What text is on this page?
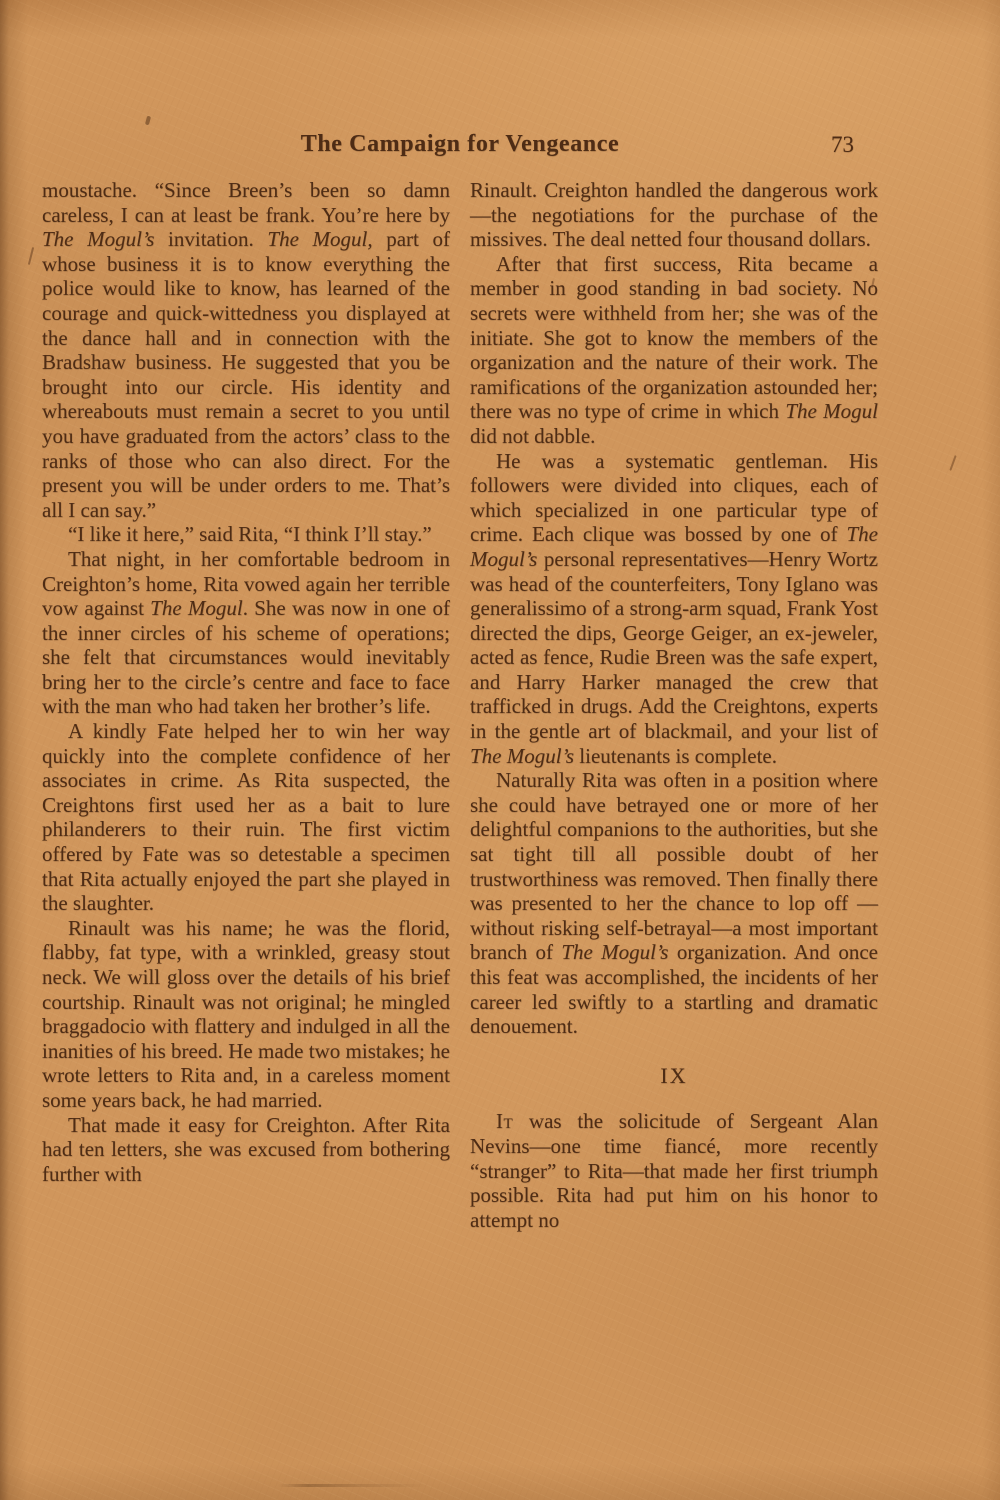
The Campaign for Vengeance	73

moustache. “Since Breen’s been so damn careless, I can at least be frank. You’re here by The Mogul’s invitation. The Mogul, part of whose business it is to know everything the police would like to know, has learned of the courage and quick-wittedness you displayed at the dance hall and in connection with the Bradshaw business. He suggested that you be brought into our circle. His identity and whereabouts must remain a secret to you until you have graduated from the actors’ class to the ranks of those who can also direct. For the present you will be under orders to me. That’s all I can say.”

“I like it here,” said Rita, “I think I’ll stay.”

That night, in her comfortable bedroom in Creighton’s home, Rita vowed again her terrible vow against The Mogul. She was now in one of the inner circles of his scheme of operations; she felt that circumstances would inevitably bring her to the circle’s centre and face to face with the man who had taken her brother’s life.

A kindly Fate helped her to win her way quickly into the complete confidence of her associates in crime. As Rita suspected, the Creightons first used her as a bait to lure philanderers to their ruin. The first victim offered by Fate was so detestable a specimen that Rita actually enjoyed the part she played in the slaughter.

Rinault was his name; he was the florid, flabby, fat type, with a wrinkled, greasy stout neck. We will gloss over the details of his brief courtship. Rinault was not original; he mingled braggadocio with flattery and indulged in all the inanities of his breed. He made two mistakes; he wrote letters to Rita and, in a careless moment some years back, he had married.

That made it easy for Creighton. After Rita had ten letters, she was excused from bothering further with

Rinault. Creighton handled the dangerous work—the negotiations for the purchase of the missives. The deal netted four thousand dollars.

After that first success, Rita became a member in good standing in bad society. No secrets were withheld from her; she was of the initiate. She got to know the members of the organization and the nature of their work. The ramifications of the organization astounded her; there was no type of crime in which The Mogul did not dabble.

He was a systematic gentleman. His followers were divided into cliques, each of which specialized in one particular type of crime. Each clique was bossed by one of The Mogul’s personal representatives—Henry Wortz was head of the counterfeiters, Tony Iglano was generalissimo of a strong-arm squad, Frank Yost directed the dips, George Geiger, an ex-jeweler, acted as fence, Rudie Breen was the safe expert, and Harry Harker managed the crew that trafficked in drugs. Add the Creightons, experts in the gentle art of blackmail, and your list of The Mogul’s lieutenants is complete.

Naturally Rita was often in a position where she could have betrayed one or more of her delightful companions to the authorities, but she sat tight till all possible doubt of her trustworthiness was removed. Then finally there was presented to her the chance to lop off —without risking self-betrayal—a most important branch of The Mogul’s organization. And once this feat was accomplished, the incidents of her career led swiftly to a startling and dramatic denouement.

IX

It was the solicitude of Sergeant Alan Nevins—one time fiancé, more recently “stranger” to Rita—that made her first triumph possible. Rita had put him on his honor to attempt no
